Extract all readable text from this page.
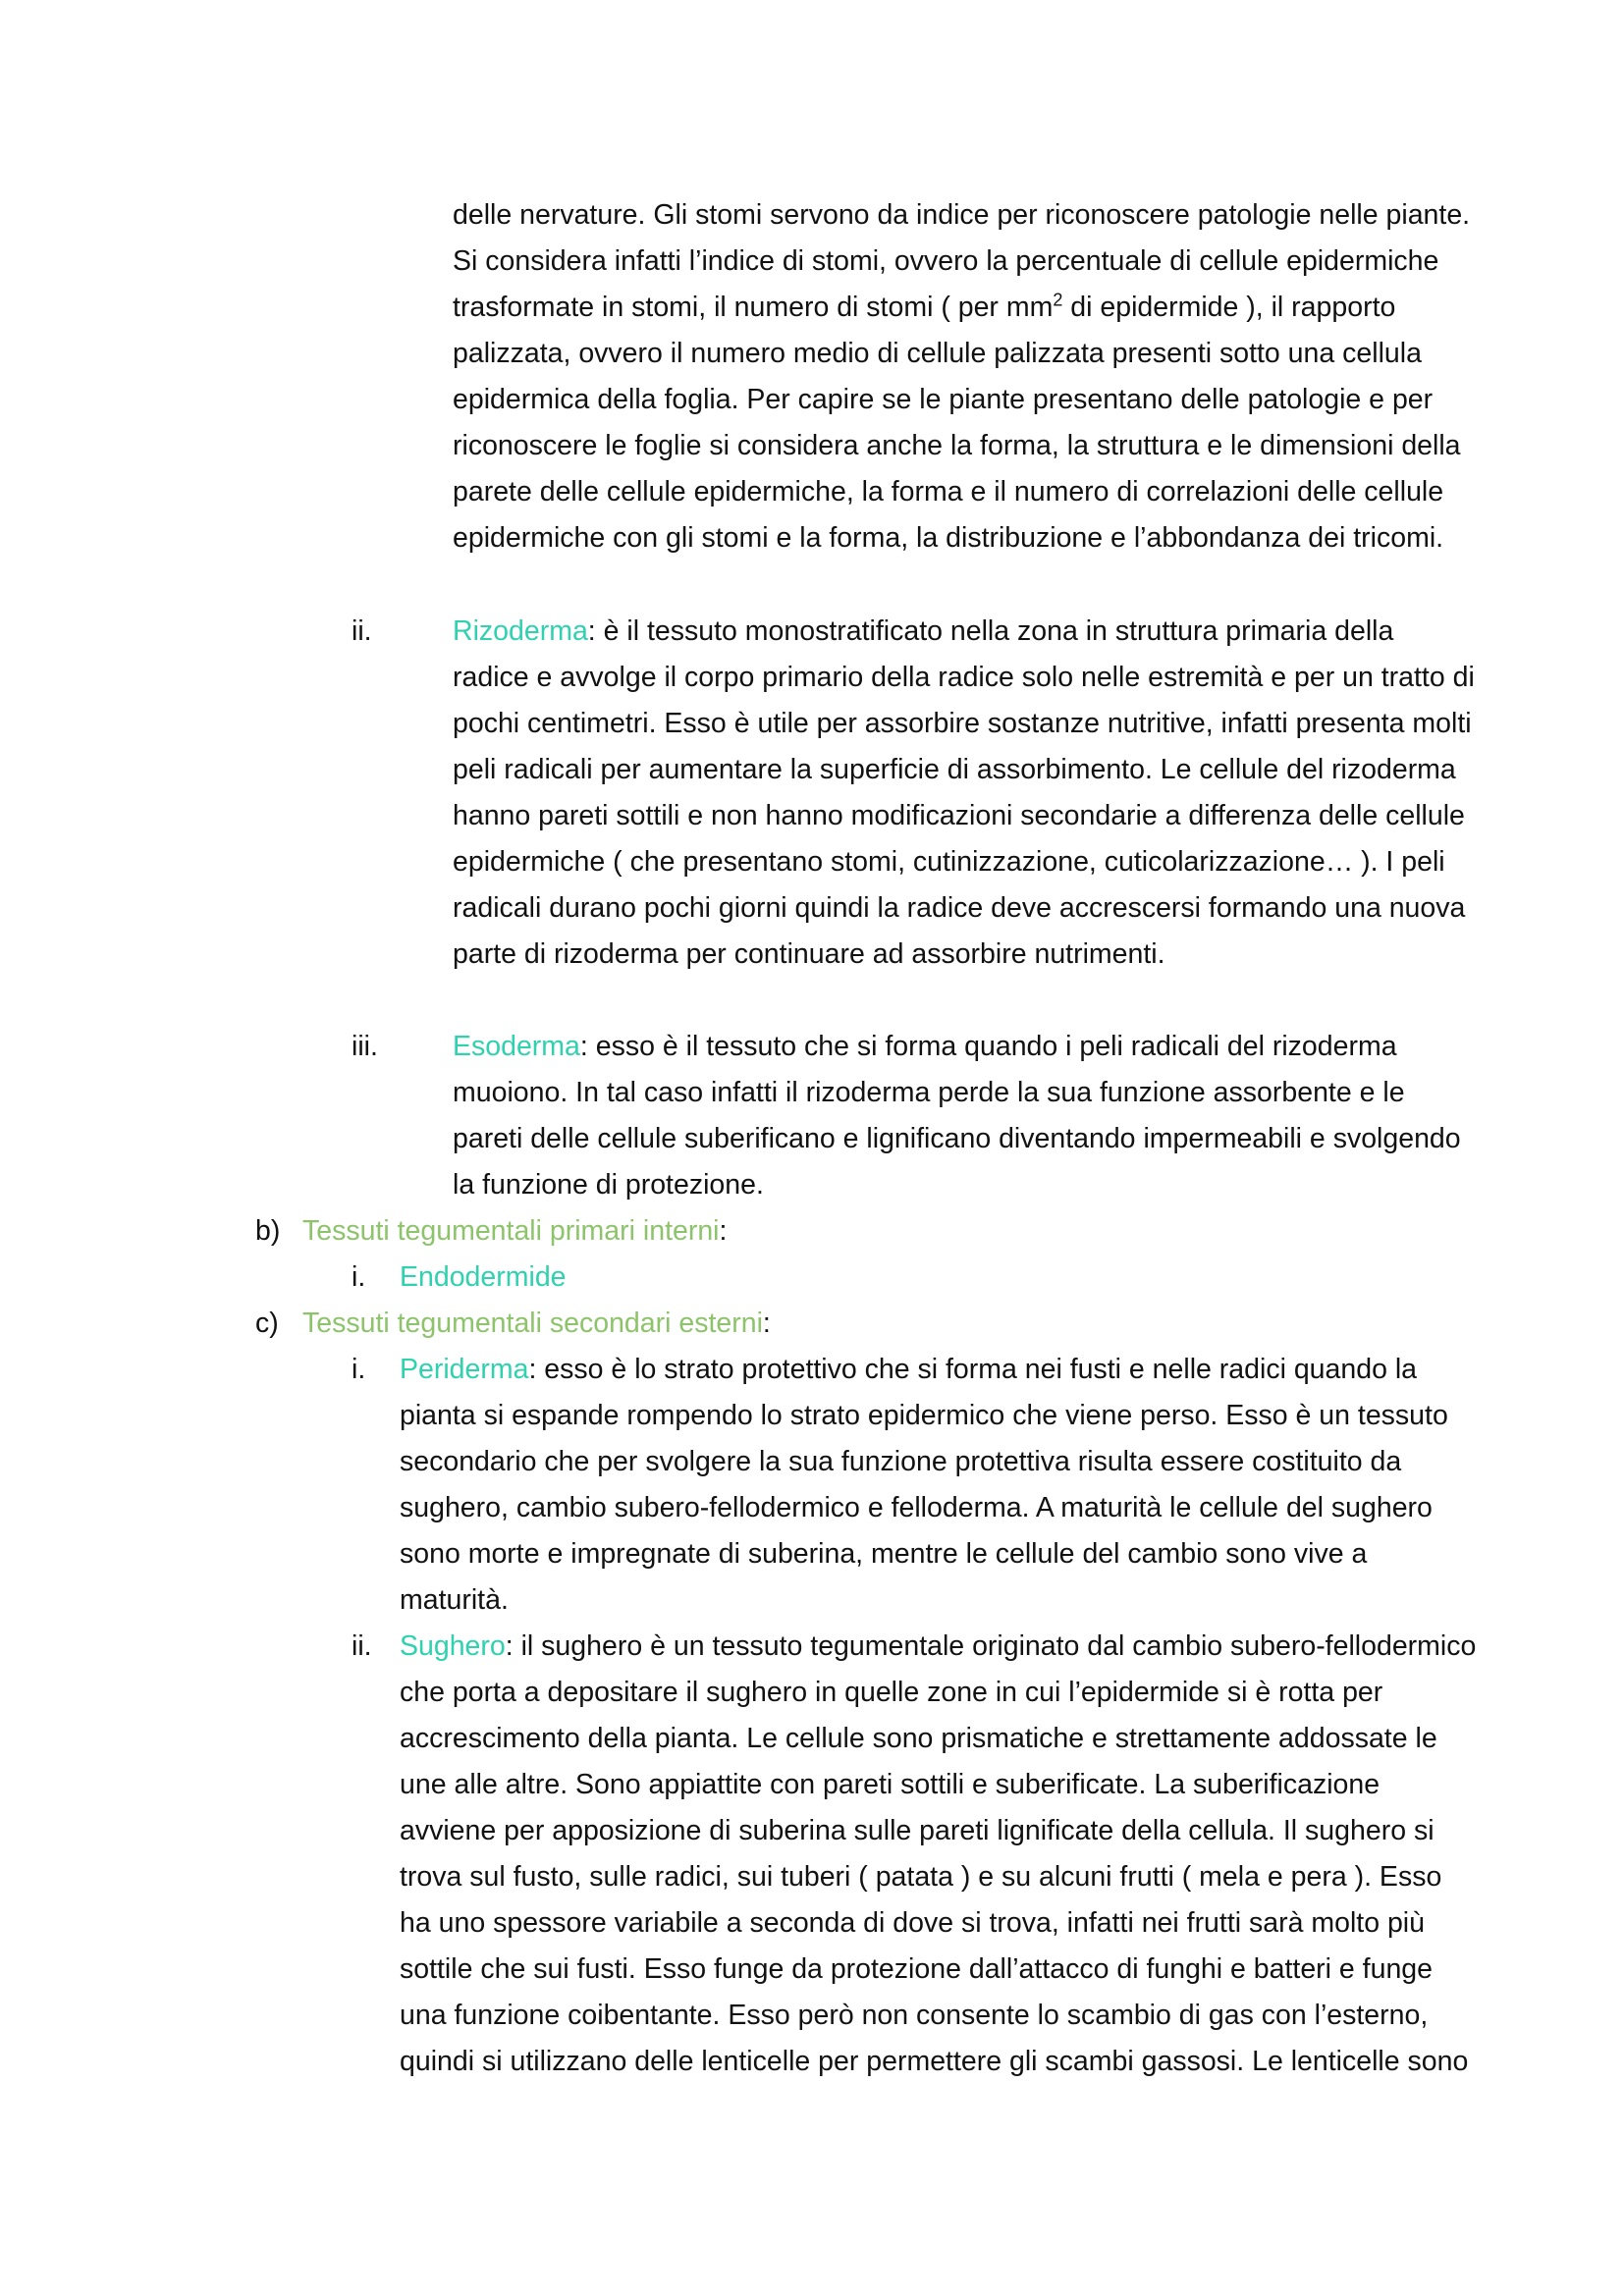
delle nervature. Gli stomi servono da indice per riconoscere patologie nelle piante. Si considera infatti l’indice di stomi, ovvero la percentuale di cellule epidermiche trasformate in stomi, il numero di stomi ( per $mm^2$ di epidermide ), il rapporto palizzata, ovvero il numero medio di cellule palizzata presenti sotto una cellula epidermica della foglia. Per capire se le piante presentano delle patologie e per riconoscere le foglie si considera anche la forma, la struttura e le dimensioni della parete delle cellule epidermiche, la forma e il numero di correlazioni delle cellule epidermiche con gli stomi e la forma, la distribuzione e l’abbondanza dei tricomi.

ii.	Rizoderma: è il tessuto monostratificato nella zona in struttura primaria della radice e avvolge il corpo primario della radice solo nelle estremità e per un tratto di pochi centimetri. Esso è utile per assorbire sostanze nutritive, infatti presenta molti peli radicali per aumentare la superficie di assorbimento. Le cellule del rizoderma hanno pareti sottili e non hanno modificazioni secondarie a differenza delle cellule epidermiche ( che presentano stomi, cutinizzazione, cuticolarizzazione… ). I peli radicali durano pochi giorni quindi la radice deve accrescersi formando una nuova parte di rizoderma per continuare ad assorbire nutrimenti.

iii.	Esoderma: esso è il tessuto che si forma quando i peli radicali del rizoderma muoiono. In tal caso infatti il rizoderma perde la sua funzione assorbente e le pareti delle cellule suberificano e lignificano diventando impermeabili e svolgendo la funzione di protezione.

b) Tessuti tegumentali primari interni:
i. Endodermide
c) Tessuti tegumentali secondari esterni:
i. Periderma: esso è lo strato protettivo che si forma nei fusti e nelle radici quando la pianta si espande rompendo lo strato epidermico che viene perso. Esso è un tessuto secondario che per svolgere la sua funzione protettiva risulta essere costituito da sughero, cambio subero-fellodermico e felloderma. A maturità le cellule del sughero sono morte e impregnate di suberina, mentre le cellule del cambio sono vive a maturità.

ii. Sughero: il sughero è un tessuto tegumentale originato dal cambio subero-fellodermico che porta a depositare il sughero in quelle zone in cui l’epidermide si è rotta per accrescimento della pianta. Le cellule sono prismatiche e strettamente addossate le une alle altre. Sono appiattite con pareti sottili e suberificate. La suberificazione avviene per apposizione di suberina sulle pareti lignificate della cellula. Il sughero si trova sul fusto, sulle radici, sui tuberi ( patata ) e su alcuni frutti ( mela e pera ). Esso ha uno spessore variabile a seconda di dove si trova, infatti nei frutti sarà molto più sottile che sui fusti. Esso funge da protezione dall’attacco di funghi e batteri e funge una funzione coibentante. Esso però non consente lo scambio di gas con l’esterno, quindi si utilizzano delle lenticelle per permettere gli scambi gassosi. Le lenticelle sono
